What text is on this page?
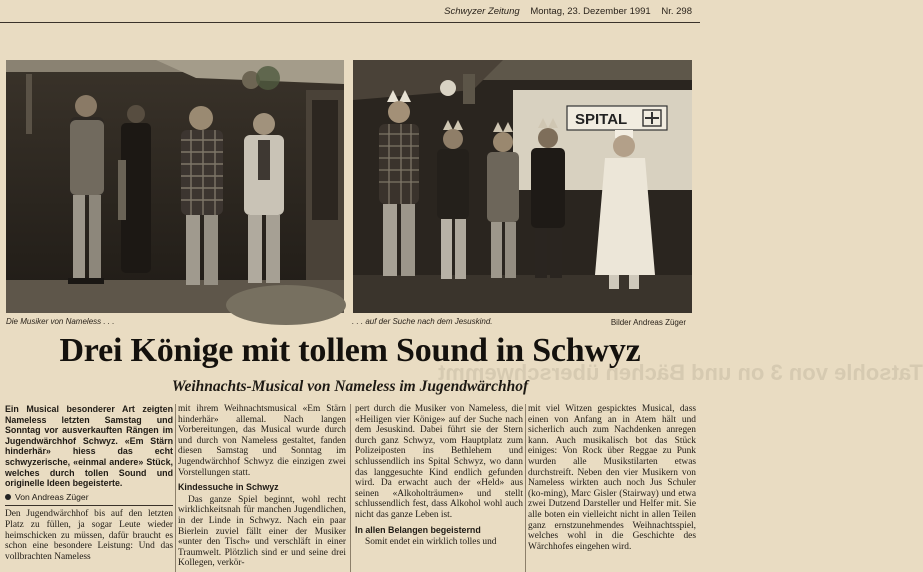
Schwyzer Zeitung Montag, 23. Dezember 1991 Nr. 298
SPITAL
Die Musiker von Nameless . . .	. . . auf der Suche nach dem Jesuskind.	Bilder Andreas Züger
Tatsohle von 3 on und Bächen überschwemmt
Drei Könige mit tollem Sound in Schwyz
Weihnachts-Musical von Nameless im Jugendwärchhof

Ein Musical besonderer Art zeigten Nameless letzten Samstag und Sonntag vor ausverkauften Rängen im Jugendwärchhof Schwyz. «Em Stärn hinderhär» hiess das echt schwyzerische, «einmal andere» Stück, welches durch tollen Sound und originelle Ideen begeisterte.

Von Andreas Züger

Den Jugendwärchhof bis auf den letzten Platz zu füllen, ja sogar Leute wieder heimschicken zu müssen, dafür braucht es schon eine besondere Leistung: Und das vollbrachten Nameless

mit ihrem Weihnachtsmusical «Em Stärn hinderhär» allemal. Nach langen Vorbereitungen, das Musical wurde durch und durch von Nameless gestaltet, fanden diesen Samstag und Sonntag im Jugendwärchhof Schwyz die einzigen zwei Vorstellungen statt.

Kindessuche in Schwyz

Das ganze Spiel beginnt, wohl recht wirklichkeitsnah für manchen Jugendlichen, in der Linde in Schwyz. Nach ein paar Bierlein zuviel fällt einer der Musiker «unter den Tisch» und verschläft in einer Traumwelt. Plötzlich sind er und seine drei Kollegen, verkör-

pert durch die Musiker von Nameless, die «Heiligen vier Könige» auf der Suche nach dem Jesuskind. Dabei führt sie der Stern durch ganz Schwyz, vom Hauptplatz zum Polizeiposten ins Bethlehem und schlussendlich ins Spital Schwyz, wo dann das langgesuchte Kind endlich gefunden wird. Da erwacht auch der «Held» aus seinen «Alkoholträumen» und stellt schlussendlich fest, dass Alkohol wohl auch nicht das ganze Leben ist.

In allen Belangen begeisternd

Somit endet ein wirklich tolles und

mit viel Witzen gespicktes Musical, dass einen von Anfang an in Atem hält und sicherlich auch zum Nachdenken anregen kann. Auch musikalisch bot das Stück einiges: Von Rock über Reggae zu Punk wurden alle Musikstilarten etwas durchstreift. Neben den vier Musikern von Nameless wirkten auch noch Jus Schuler (ko-ming), Marc Gisler (Stairway) und etwa zwei Dutzend Darsteller und Helfer mit. Sie alle boten ein vielleicht nicht in allen Teilen ganz ernstzunehmendes Weihnachtsspiel, welches wohl in die Geschichte des Wärchhofes eingehen wird.
